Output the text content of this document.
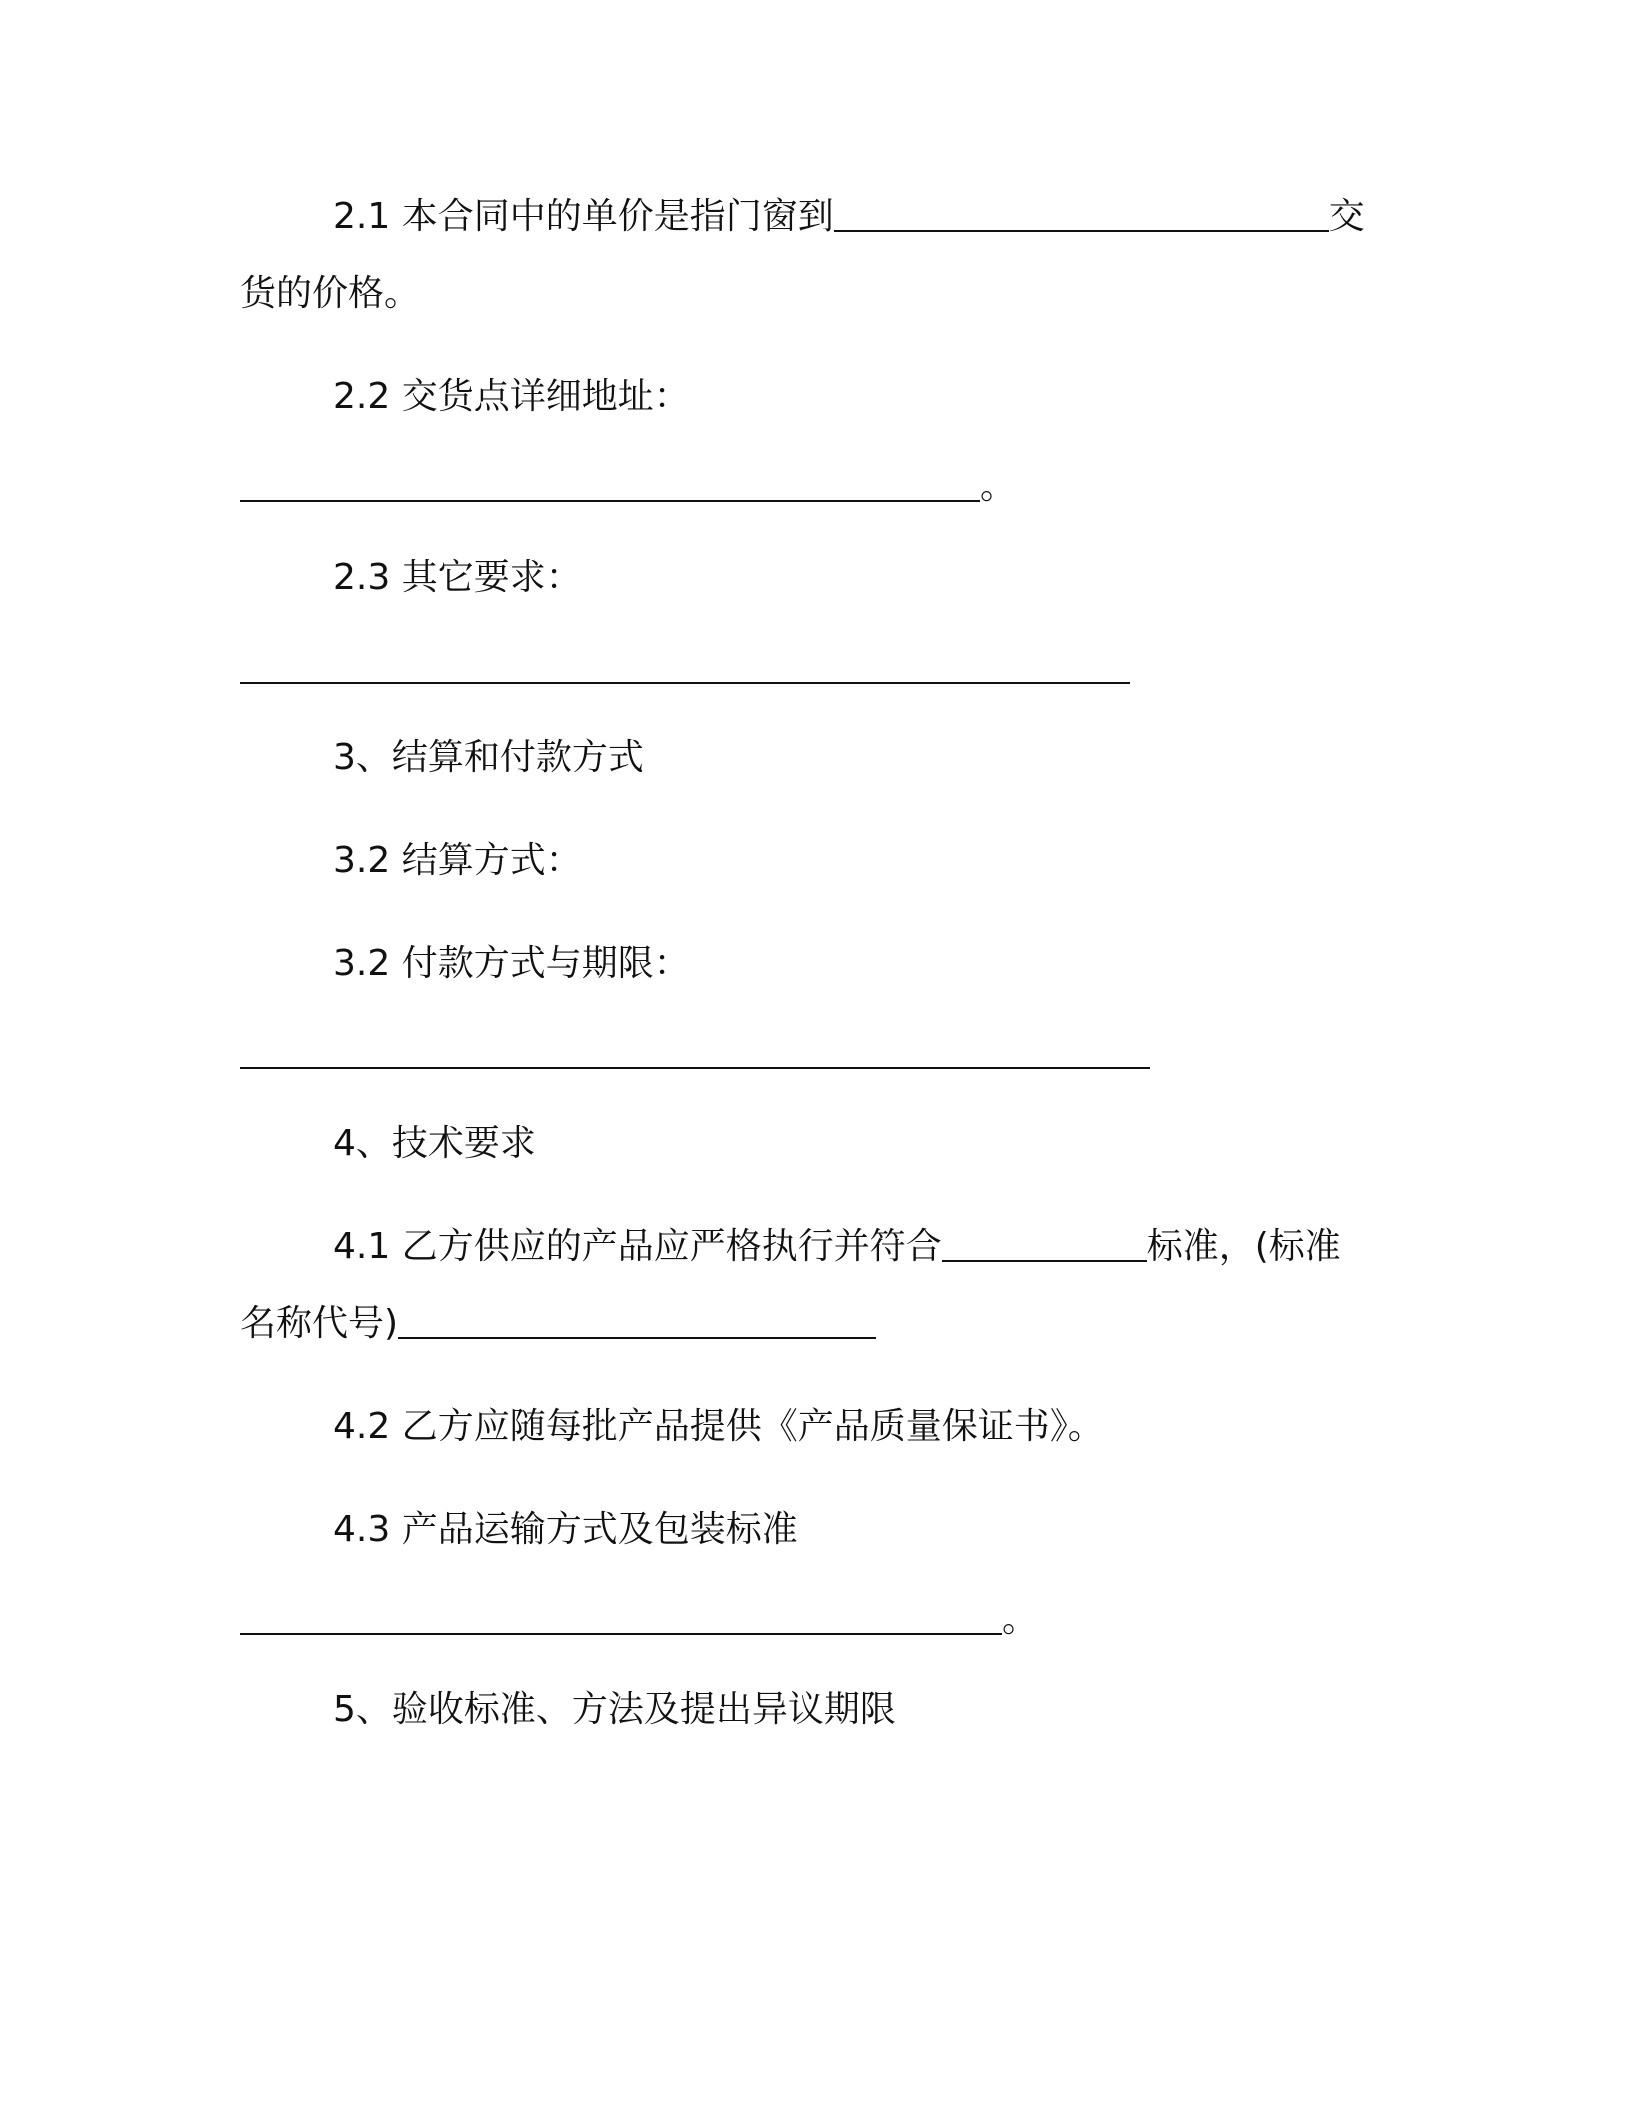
2.1 本合同中的单价是指门窗到	交
货的价格。
2.2 交货点详细地址：
。
2.3 其它要求：
3、结算和付款方式
3.2 结算方式：
3.2 付款方式与期限：
4、技术要求
4.1 乙方供应的产品应严格执行并符合	标准，(标准
名称代号)
4.2 乙方应随每批产品提供《产品质量保证书》。
4.3 产品运输方式及包装标准
。
5、验收标准、方法及提出异议期限
